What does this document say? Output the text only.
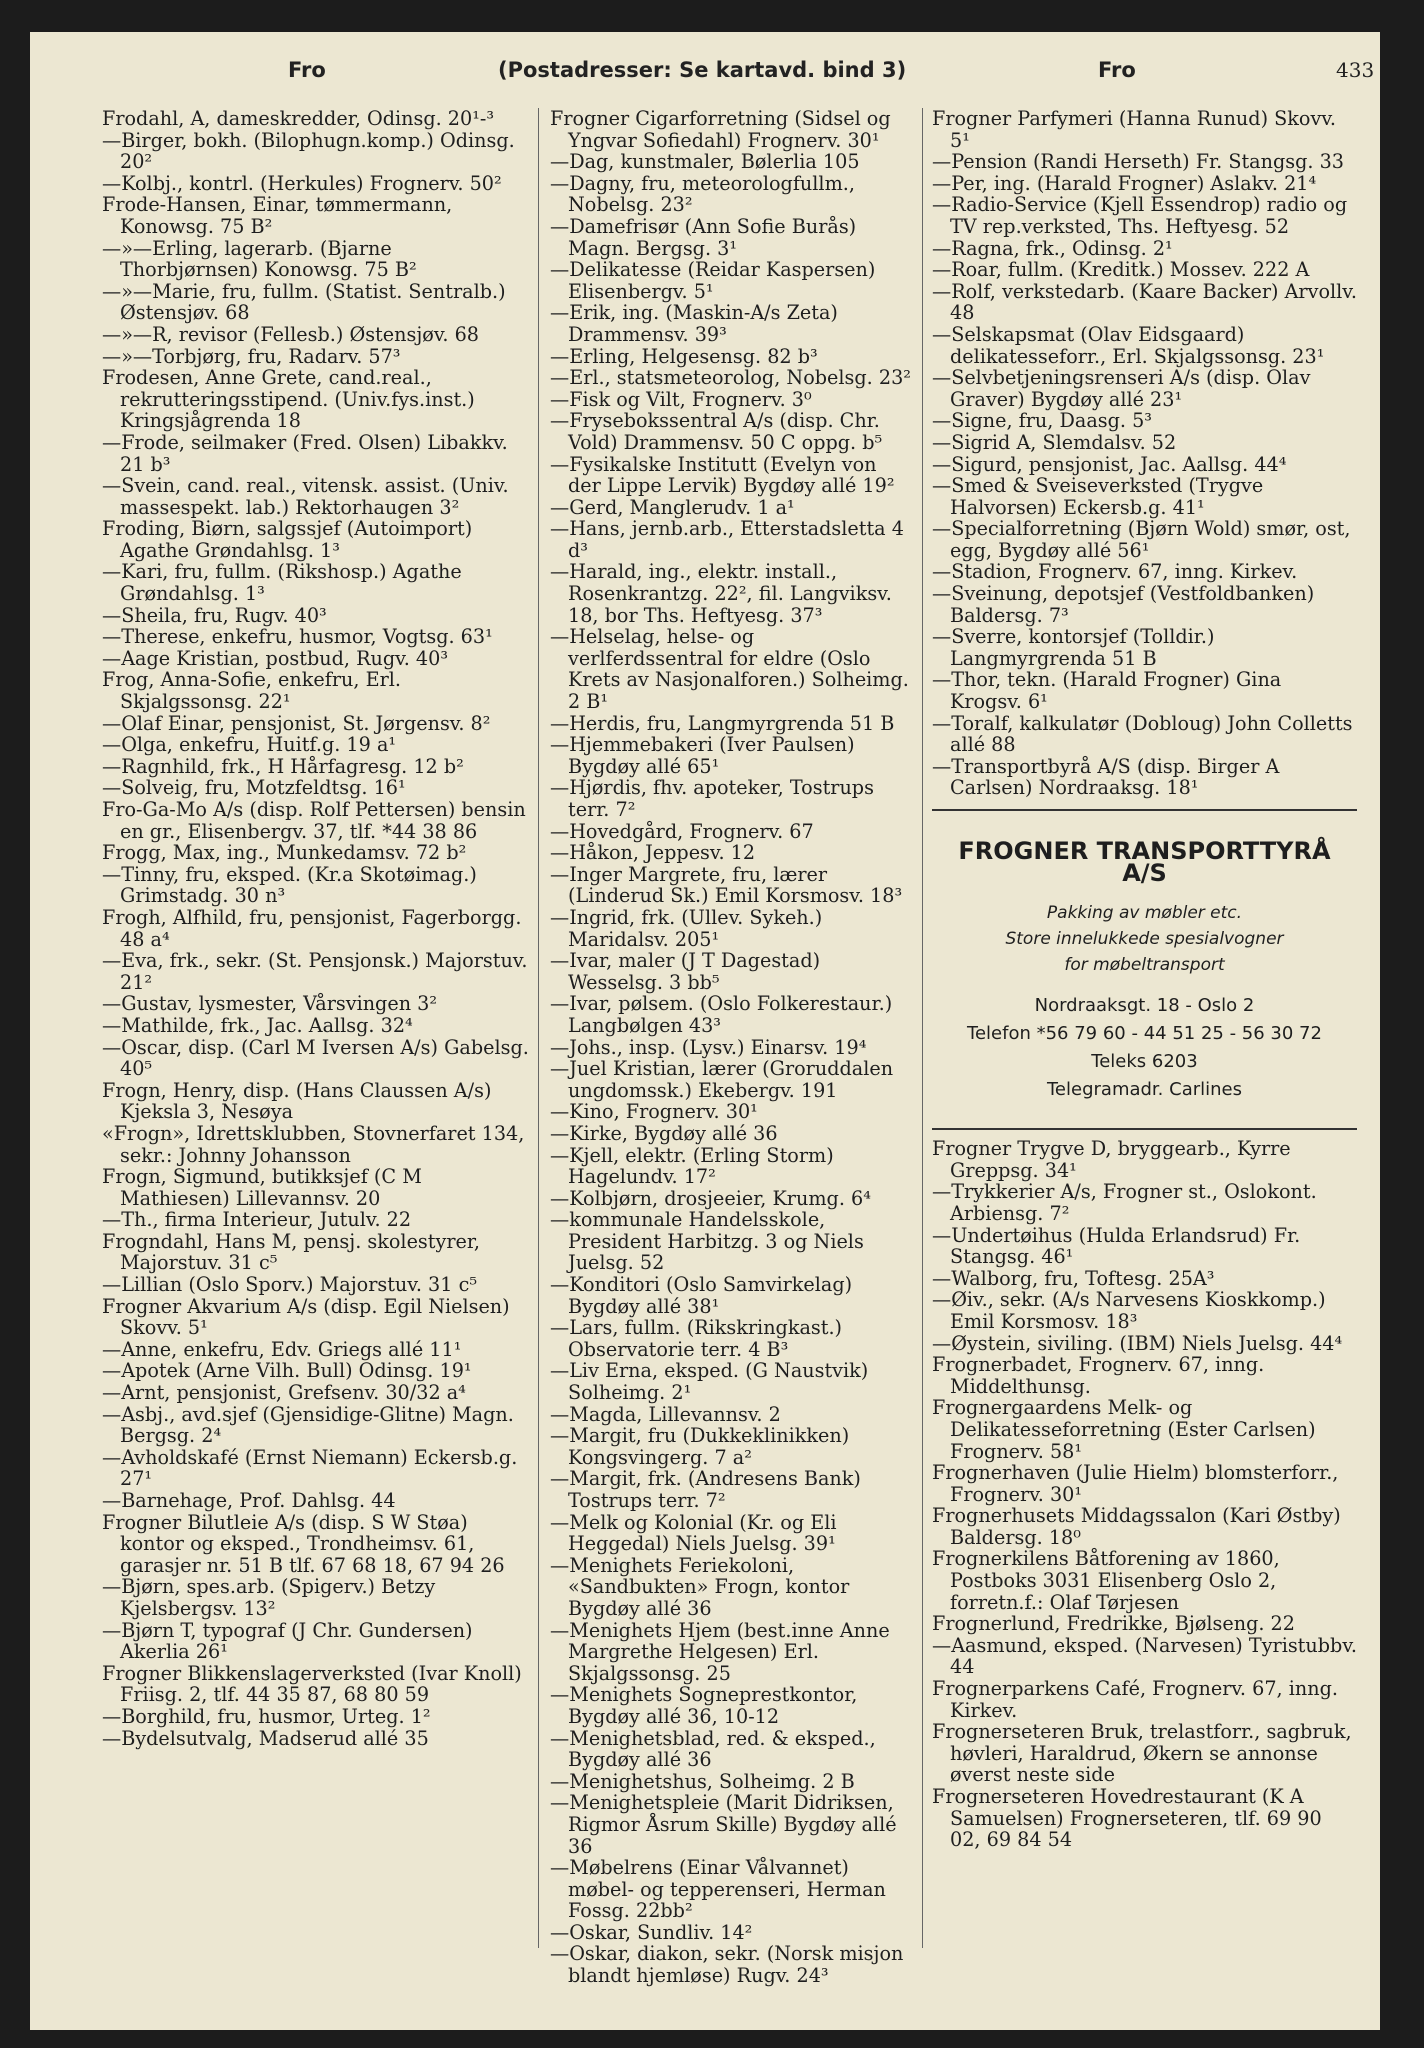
Fro	(Postadresser: Se kartavd. bind 3)	Fro	433
Frodahl, A, dameskredder, Odinsg. 20¹-³
—Birger, bokh. (Bilophugn.komp.) Odinsg. 20²
—Kolbj., kontrl. (Herkules) Frognerv. 50²
Frode-Hansen, Einar, tømmermann, Konowsg. 75 B²
—»—Erling, lagerarb. (Bjarne Thorbjørnsen) Konowsg. 75 B²
—»—Marie, fru, fullm. (Statist. Sentralb.) Østensjøv. 68
—»—R, revisor (Fellesb.) Østensjøv. 68
—»—Torbjørg, fru, Radarv. 57³
Frodesen, Anne Grete, cand.real., rekrutteringsstipend. (Univ.fys.inst.) Kringsjågrenda 18
—Frode, seilmaker (Fred. Olsen) Libakkv. 21 b³
—Svein, cand. real., vitensk. assist. (Univ. massespekt. lab.) Rektorhaugen 3²
Froding, Biørn, salgssjef (Autoimport) Agathe Grøndahlsg. 1³
—Kari, fru, fullm. (Rikshosp.) Agathe Grøndahlsg. 1³
—Sheila, fru, Rugv. 40³
—Therese, enkefru, husmor, Vogtsg. 63¹
—Aage Kristian, postbud, Rugv. 40³
Frog, Anna-Sofie, enkefru, Erl. Skjalgssonsg. 22¹
—Olaf Einar, pensjonist, St. Jørgensv. 8²
—Olga, enkefru, Huitf.g. 19 a¹
—Ragnhild, frk., H Hårfagresg. 12 b²
—Solveig, fru, Motzfeldtsg. 16¹
Fro-Ga-Mo A/s (disp. Rolf Pettersen) bensin en gr., Elisenbergv. 37, tlf. *44 38 86
Frogg, Max, ing., Munkedamsv. 72 b²
—Tinny, fru, eksped. (Kr.a Skotøimag.) Grimstadg. 30 n³
Frogh, Alfhild, fru, pensjonist, Fagerborgg. 48 a⁴
—Eva, frk., sekr. (St. Pensjonsk.) Majorstuv. 21²
—Gustav, lysmester, Vårsvingen 3²
—Mathilde, frk., Jac. Aallsg. 32⁴
—Oscar, disp. (Carl M Iversen A/s) Gabelsg. 40⁵
Frogn, Henry, disp. (Hans Claussen A/s) Kjeksla 3, Nesøya
«Frogn», Idrettsklubben, Stovnerfaret 134, sekr.: Johnny Johansson
Frogn, Sigmund, butikksjef (C M Mathiesen) Lillevannsv. 20
—Th., firma Interieur, Jutulv. 22
Frogndahl, Hans M, pensj. skolestyrer, Majorstuv. 31 c⁵
—Lillian (Oslo Sporv.) Majorstuv. 31 c⁵
Frogner Akvarium A/s (disp. Egil Nielsen) Skovv. 5¹
—Anne, enkefru, Edv. Griegs allé 11¹
—Apotek (Arne Vilh. Bull) Odinsg. 19¹
—Arnt, pensjonist, Grefsenv. 30/32 a⁴
—Asbj., avd.sjef (Gjensidige-Glitne) Magn. Bergsg. 2⁴
—Avholdskafé (Ernst Niemann) Eckersb.g. 27¹
—Barnehage, Prof. Dahlsg. 44
Frogner Bilutleie A/s (disp. S W Støa) kontor og eksped., Trondheimsv. 61, garasjer nr. 51 B tlf. 67 68 18, 67 94 26
—Bjørn, spes.arb. (Spigerv.) Betzy Kjelsbergsv. 13²
—Bjørn T, typograf (J Chr. Gundersen) Akerlia 26¹
Frogner Blikkenslagerverksted (Ivar Knoll) Friisg. 2, tlf. 44 35 87, 68 80 59
—Borghild, fru, husmor, Urteg. 1²
—Bydelsutvalg, Madserud allé 35
Frogner Cigarforretning (Sidsel og Yngvar Sofiedahl) Frognerv. 30¹
—Dag, kunstmaler, Bølerlia 105
—Dagny, fru, meteorologfullm., Nobelsg. 23²
—Damefrisør (Ann Sofie Burås) Magn. Bergsg. 3¹
—Delikatesse (Reidar Kaspersen) Elisenbergv. 5¹
—Erik, ing. (Maskin-A/s Zeta) Drammensv. 39³
—Erling, Helgesensg. 82 b³
—Erl., statsmeteorolog, Nobelsg. 23²
—Fisk og Vilt, Frognerv. 3⁰
—Frysebokssentral A/s (disp. Chr. Vold) Drammensv. 50 C oppg. b⁵
—Fysikalske Institutt (Evelyn von der Lippe Lervik) Bygdøy allé 19²
—Gerd, Manglerudv. 1 a¹
—Hans, jernb.arb., Etterstadsletta 4 d³
—Harald, ing., elektr. install., Rosenkrantzg. 22², fil. Langviksv. 18, bor Ths. Heftyesg. 37³
—Helselag, helse- og verlferdssentral for eldre (Oslo Krets av Nasjonalforen.) Solheimg. 2 B¹
—Herdis, fru, Langmyrgrenda 51 B
—Hjemmebakeri (Iver Paulsen) Bygdøy allé 65¹
—Hjørdis, fhv. apoteker, Tostrups terr. 7²
—Hovedgård, Frognerv. 67
—Håkon, Jeppesv. 12
—Inger Margrete, fru, lærer (Linderud Sk.) Emil Korsmosv. 18³
—Ingrid, frk. (Ullev. Sykeh.) Maridalsv. 205¹
—Ivar, maler (J T Dagestad) Wesselsg. 3 bb⁵
—Ivar, pølsem. (Oslo Folkerestaur.) Langbølgen 43³
—Johs., insp. (Lysv.) Einarsv. 19⁴
—Juel Kristian, lærer (Groruddalen ungdomssk.) Ekebergv. 191
—Kino, Frognerv. 30¹
—Kirke, Bygdøy allé 36
—Kjell, elektr. (Erling Storm) Hagelundv. 17²
—Kolbjørn, drosjeeier, Krumg. 6⁴
—kommunale Handelsskole, President Harbitzg. 3 og Niels Juelsg. 52
—Konditori (Oslo Samvirkelag) Bygdøy allé 38¹
—Lars, fullm. (Rikskringkast.) Observatorie terr. 4 B³
—Liv Erna, eksped. (G Naustvik) Solheimg. 2¹
—Magda, Lillevannsv. 2
—Margit, fru (Dukkeklinikken) Kongsvingerg. 7 a²
—Margit, frk. (Andresens Bank) Tostrups terr. 7²
—Melk og Kolonial (Kr. og Eli Heggedal) Niels Juelsg. 39¹
—Menighets Feriekoloni, «Sandbukten» Frogn, kontor Bygdøy allé 36
—Menighets Hjem (best.inne Anne Margrethe Helgesen) Erl. Skjalgssonsg. 25
—Menighets Sogneprestkontor, Bygdøy allé 36, 10-12
—Menighetsblad, red. & eksped., Bygdøy allé 36
—Menighetshus, Solheimg. 2 B
—Menighetspleie (Marit Didriksen, Rigmor Åsrum Skille) Bygdøy allé 36
—Møbelrens (Einar Vålvannet) møbel- og tepperenseri, Herman Fossg. 22bb²
—Oskar, Sundliv. 14²
—Oskar, diakon, sekr. (Norsk misjon blandt hjemløse) Rugv. 24³
Frogner Parfymeri (Hanna Runud) Skovv. 5¹
—Pension (Randi Herseth) Fr. Stangsg. 33
—Per, ing. (Harald Frogner) Aslakv. 21⁴
—Radio-Service (Kjell Essendrop) radio og TV rep.verksted, Ths. Heftyesg. 52
—Ragna, frk., Odinsg. 2¹
—Roar, fullm. (Kreditk.) Mossev. 222 A
—Rolf, verkstedarb. (Kaare Backer) Arvollv. 48
—Selskapsmat (Olav Eidsgaard) delikatesseforr., Erl. Skjalgssonsg. 23¹
—Selvbetjeningsrenseri A/s (disp. Olav Graver) Bygdøy allé 23¹
—Signe, fru, Daasg. 5³
—Sigrid A, Slemdalsv. 52
—Sigurd, pensjonist, Jac. Aallsg. 44⁴
—Smed & Sveiseverksted (Trygve Halvorsen) Eckersb.g. 41¹
—Specialforretning (Bjørn Wold) smør, ost, egg, Bygdøy allé 56¹
—Stadion, Frognerv. 67, inng. Kirkev.
—Sveinung, depotsjef (Vestfoldbanken) Baldersg. 7³
—Sverre, kontorsjef (Tolldir.) Langmyrgrenda 51 B
—Thor, tekn. (Harald Frogner) Gina Krogsv. 6¹
—Toralf, kalkulatør (Dobloug) John Colletts allé 88
—Transportbyrå A/S (disp. Birger A Carlsen) Nordraaksg. 18¹
FROGNER TRANSPORTTYRÅ A/S
Pakking av møbler etc.
Store innelukkede spesialvogner
for møbeltransport
Nordraaksgt. 18 - Oslo 2
Telefon *56 79 60 - 44 51 25 - 56 30 72
Teleks 6203
Telegramadr. Carlines
Frogner Trygve D, bryggearb., Kyrre Greppsg. 34¹
—Trykkerier A/s, Frogner st., Oslokont. Arbiensg. 7²
—Undertøihus (Hulda Erlandsrud) Fr. Stangsg. 46¹
—Walborg, fru, Toftesg. 25A³
—Øiv., sekr. (A/s Narvesens Kioskkomp.) Emil Korsmosv. 18³
—Øystein, siviling. (IBM) Niels Juelsg. 44⁴
Frognerbadet, Frognerv. 67, inng. Middelthunsg.
Frognergaardens Melk- og Delikatesseforretning (Ester Carlsen) Frognerv. 58¹
Frognerhaven (Julie Hielm) blomsterforr., Frognerv. 30¹
Frognerhusets Middagssalon (Kari Østby) Baldersg. 18⁰
Frognerkilens Båtforening av 1860, Postboks 3031 Elisenberg Oslo 2, forretn.f.: Olaf Tørjesen
Frognerlund, Fredrikke, Bjølseng. 22
—Aasmund, eksped. (Narvesen) Tyristubbv. 44
Frognerparkens Café, Frognerv. 67, inng. Kirkev.
Frognerseteren Bruk, trelastforr., sagbruk, høvleri, Haraldrud, Økern se annonse øverst neste side
Frognerseteren Hovedrestaurant (K A Samuelsen) Frognerseteren, tlf. 69 90 02, 69 84 54
